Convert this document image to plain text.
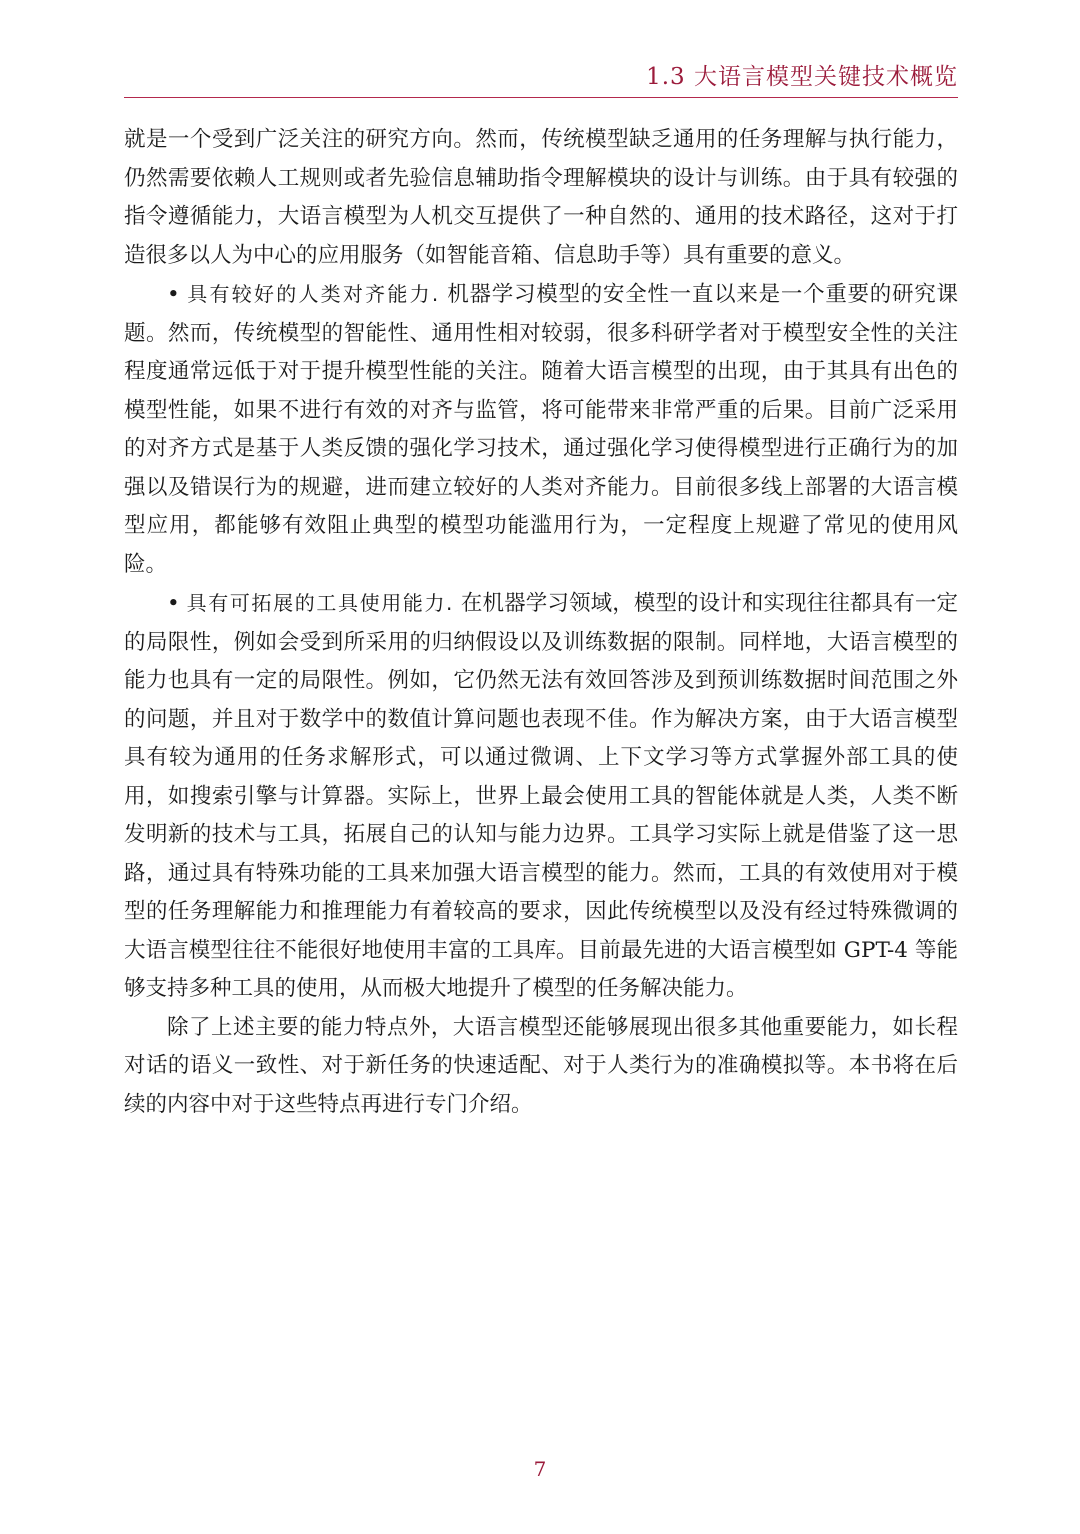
1.3 大语言模型关键技术概览

就是一个受到广泛关注的研究方向。然而，传统模型缺乏通用的任务理解与执行能力，仍然需要依赖人工规则或者先验信息辅助指令理解模块的设计与训练。由于具有较强的指令遵循能力，大语言模型为人机交互提供了一种自然的、通用的技术路径，这对于打造很多以人为中心的应用服务（如智能音箱、信息助手等）具有重要的意义。

• 具有较好的人类对齐能力. 机器学习模型的安全性一直以来是一个重要的研究课题。然而，传统模型的智能性、通用性相对较弱，很多科研学者对于模型安全性的关注程度通常远低于对于提升模型性能的关注。随着大语言模型的出现，由于其具有出色的模型性能，如果不进行有效的对齐与监管，将可能带来非常严重的后果。目前广泛采用的对齐方式是基于人类反馈的强化学习技术，通过强化学习使得模型进行正确行为的加强以及错误行为的规避，进而建立较好的人类对齐能力。目前很多线上部署的大语言模型应用，都能够有效阻止典型的模型功能滥用行为，一定程度上规避了常见的使用风险。

• 具有可拓展的工具使用能力. 在机器学习领域，模型的设计和实现往往都具有一定的局限性，例如会受到所采用的归纳假设以及训练数据的限制。同样地，大语言模型的能力也具有一定的局限性。例如，它仍然无法有效回答涉及到预训练数据时间范围之外的问题，并且对于数学中的数值计算问题也表现不佳。作为解决方案，由于大语言模型具有较为通用的任务求解形式，可以通过微调、上下文学习等方式掌握外部工具的使用，如搜索引擎与计算器。实际上，世界上最会使用工具的智能体就是人类，人类不断发明新的技术与工具，拓展自己的认知与能力边界。工具学习实际上就是借鉴了这一思路，通过具有特殊功能的工具来加强大语言模型的能力。然而，工具的有效使用对于模型的任务理解能力和推理能力有着较高的要求，因此传统模型以及没有经过特殊微调的大语言模型往往不能很好地使用丰富的工具库。目前最先进的大语言模型如 GPT-4 等能够支持多种工具的使用，从而极大地提升了模型的任务解决能力。

除了上述主要的能力特点外，大语言模型还能够展现出很多其他重要能力，如长程对话的语义一致性、对于新任务的快速适配、对于人类行为的准确模拟等。本书将在后续的内容中对于这些特点再进行专门介绍。

7
